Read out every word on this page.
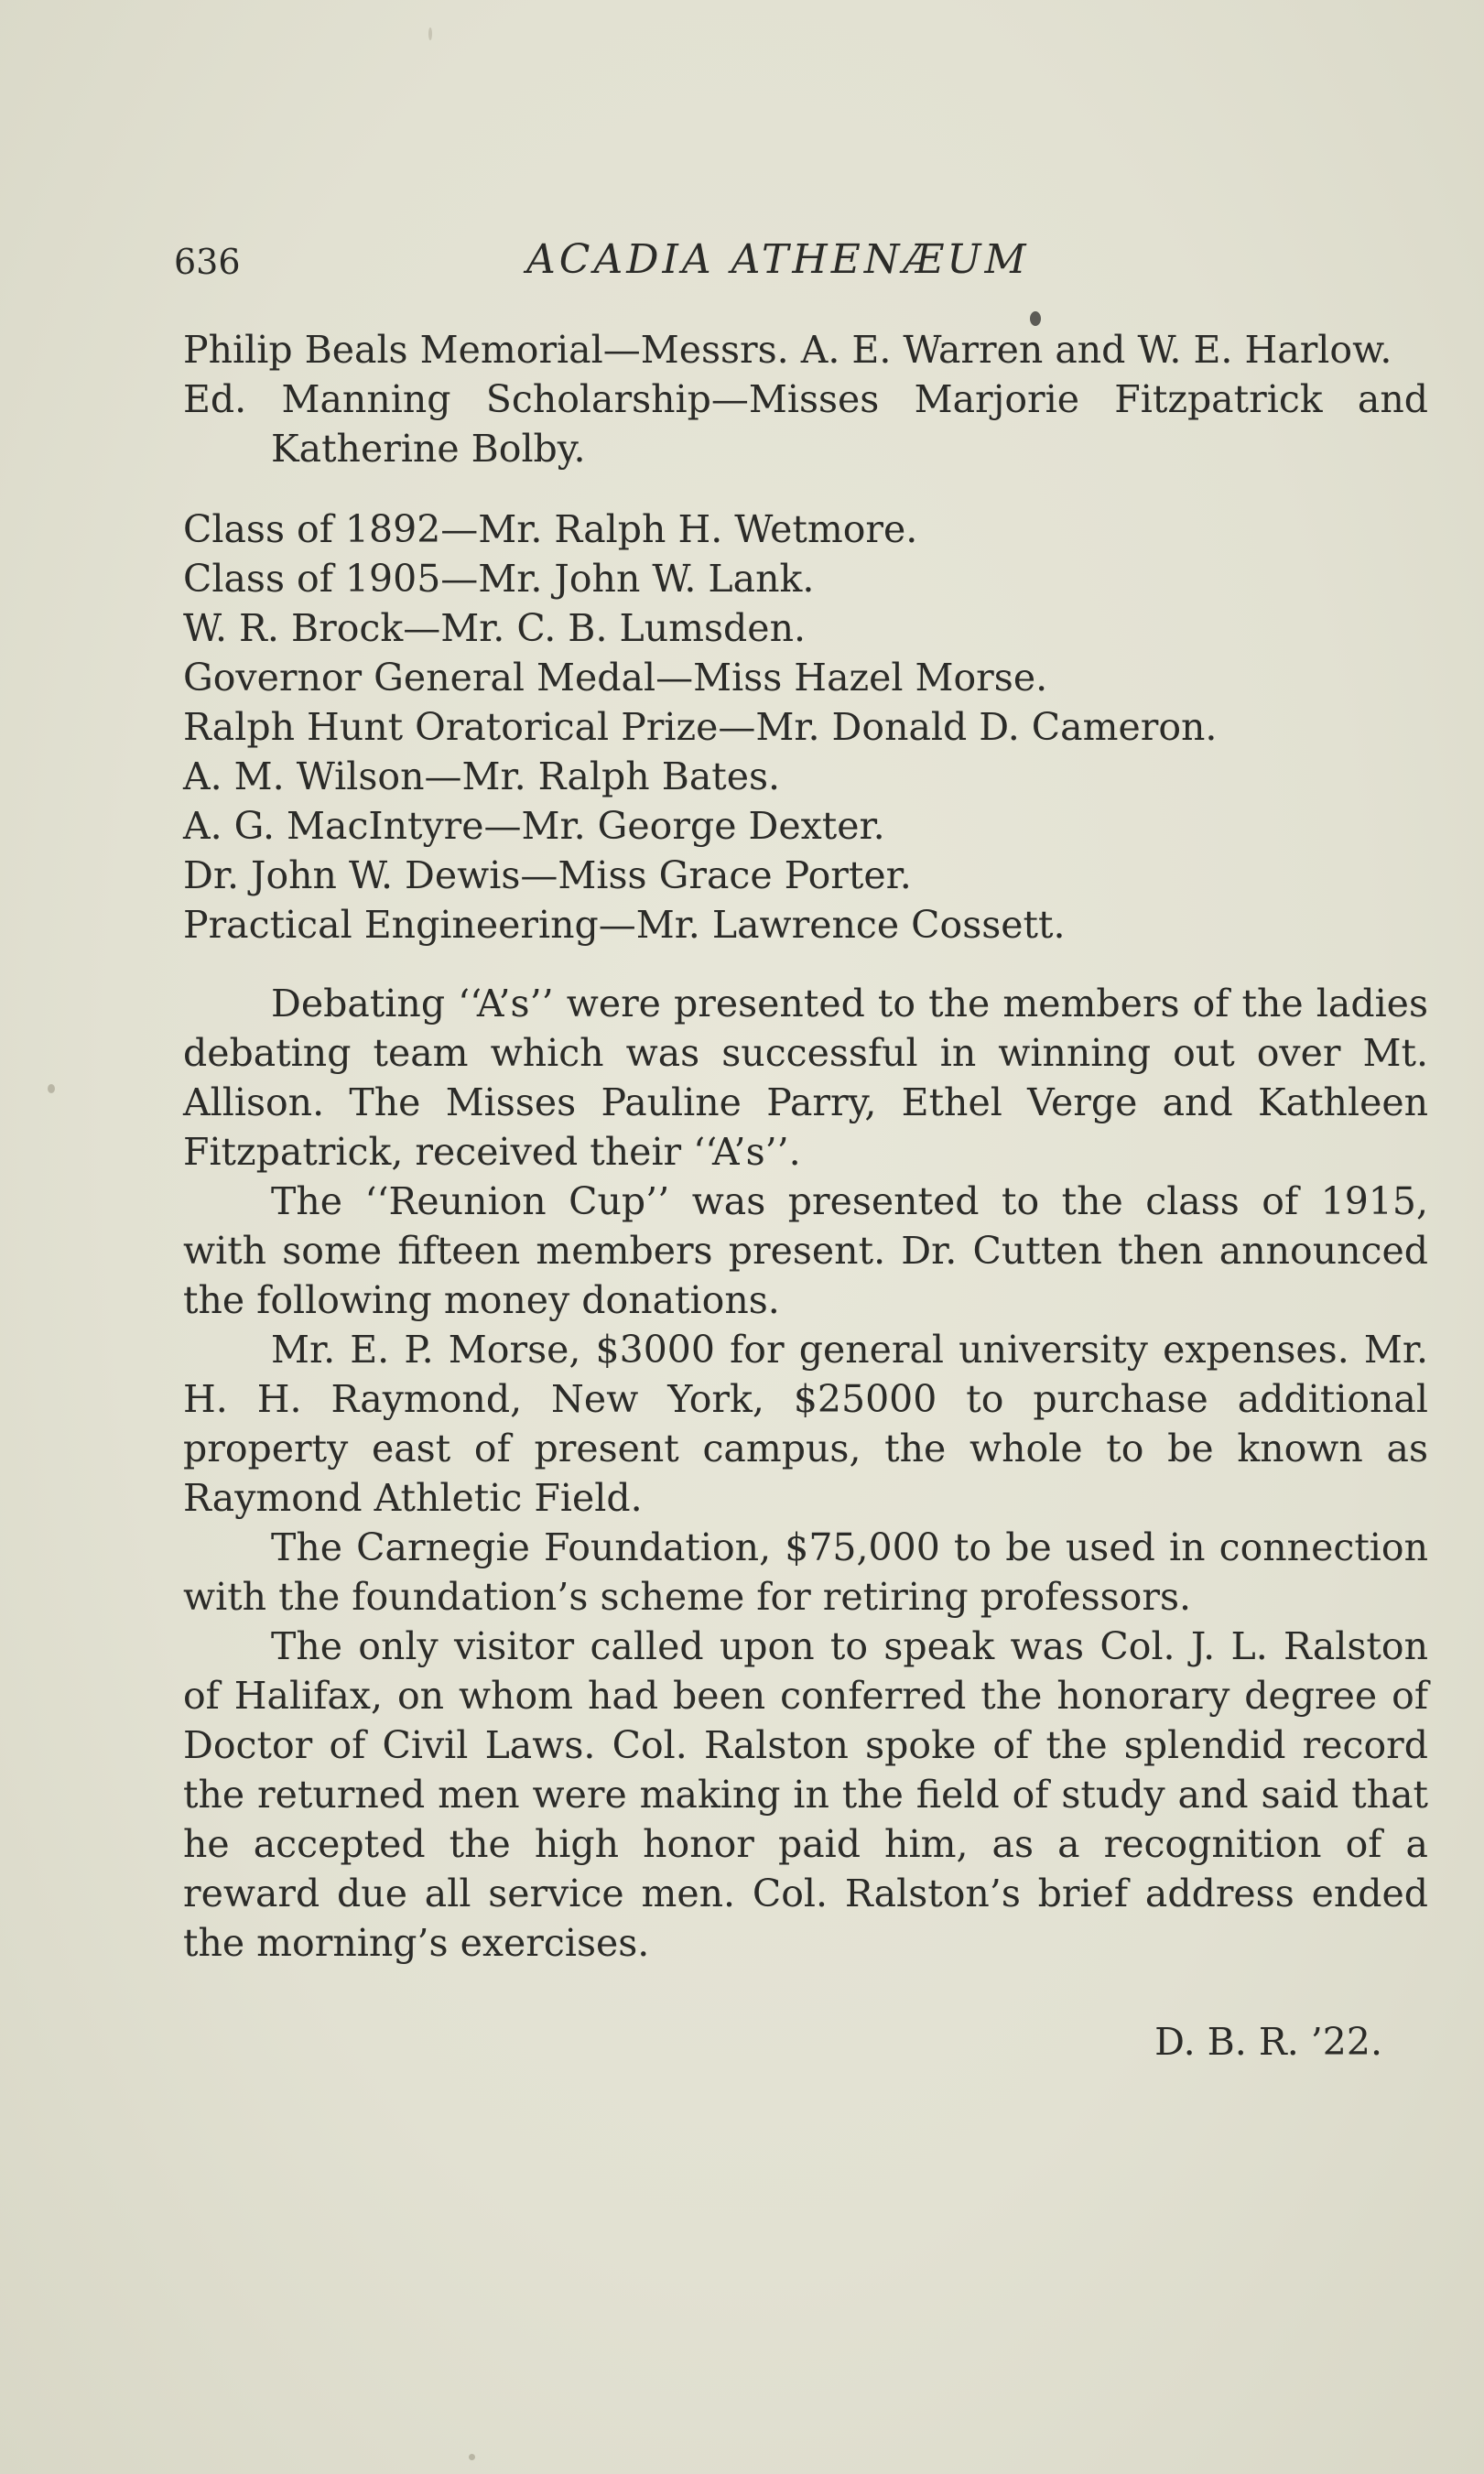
636	ACADIA ATHENÆUM

Philip Beals Memorial—Messrs. A. E. Warren and W. E. Harlow.

Ed. Manning Scholarship—Misses Marjorie Fitzpatrick and Katherine Bolby.

Class of 1892—Mr. Ralph H. Wetmore.

Class of 1905—Mr. John W. Lank.

W. R. Brock—Mr. C. B. Lumsden.

Governor General Medal—Miss Hazel Morse.

Ralph Hunt Oratorical Prize—Mr. Donald D. Cameron.

A. M. Wilson—Mr. Ralph Bates.

A. G. MacIntyre—Mr. George Dexter.

Dr. John W. Dewis—Miss Grace Porter.

Practical Engineering—Mr. Lawrence Cossett.

Debating ‘‘A’s’’ were presented to the members of the ladies debating team which was successful in winning out over Mt. Allison. The Misses Pauline Parry, Ethel Verge and Kathleen Fitzpatrick, received their ‘‘A’s’’.

The ‘‘Reunion Cup’’ was presented to the class of 1915, with some fifteen members present. Dr. Cutten then announced the following money donations.

Mr. E. P. Morse, $3000 for general university expenses. Mr. H. H. Raymond, New York, $25000 to purchase additional property east of present campus, the whole to be known as Raymond Athletic Field.

The Carnegie Foundation, $75,000 to be used in connection with the foundation’s scheme for retiring professors.

The only visitor called upon to speak was Col. J. L. Ralston of Halifax, on whom had been conferred the honorary degree of Doctor of Civil Laws. Col. Ralston spoke of the splendid record the returned men were making in the field of study and said that he accepted the high honor paid him, as a recognition of a reward due all service men. Col. Ralston’s brief address ended the morning’s exercises.

D. B. R. ’22.
